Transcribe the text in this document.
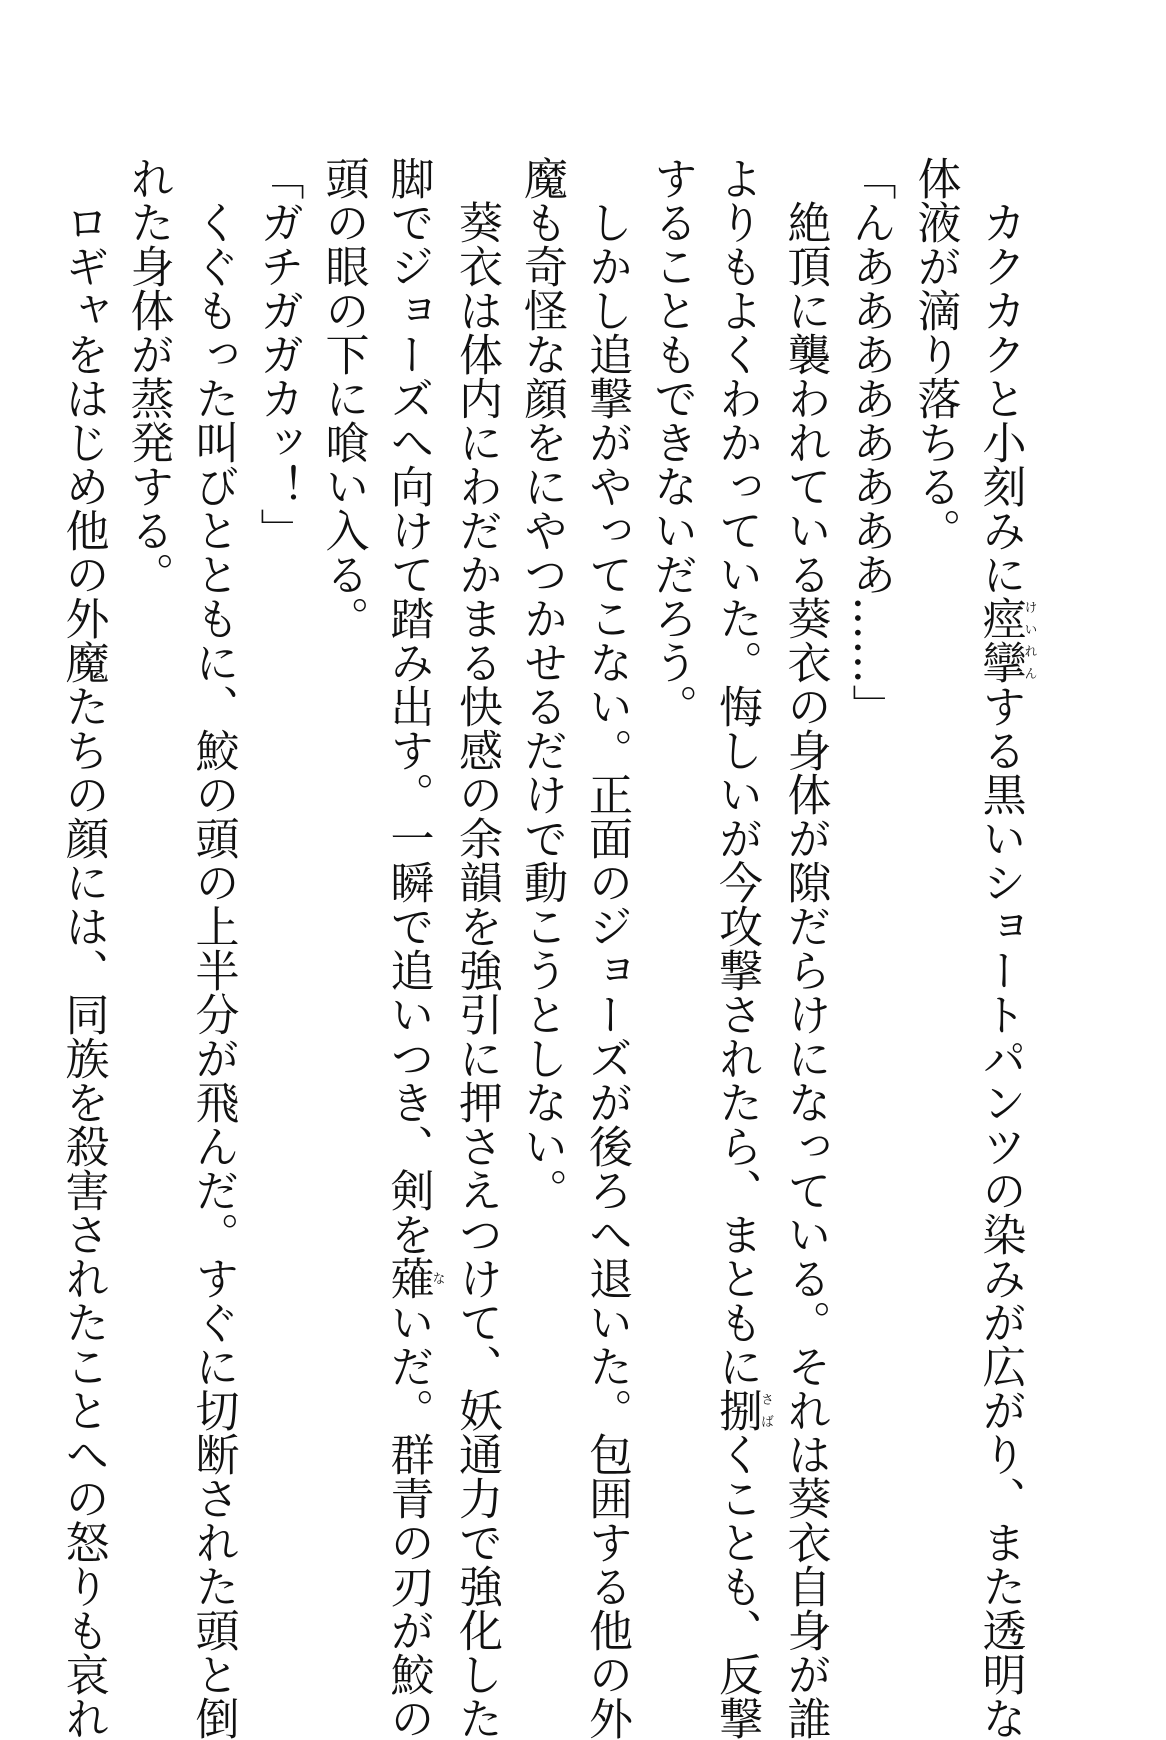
　カクカクと小刻みに痙攣けいれんする黒いショートパンツの染みが広がり、また透明な
体液が滴り落ちる。
「んああああああああ……」
　絶頂に襲われている葵衣の身体が隙だらけになっている。それは葵衣自身が誰
よりもよくわかっていた。悔しいが今攻撃されたら、まともに捌さばくことも、反撃
することもできないだろう。
　しかし追撃がやってこない。正面のジョーズが後ろへ退いた。包囲する他の外
魔も奇怪な顔をにやつかせるだけで動こうとしない。
　葵衣は体内にわだかまる快感の余韻を強引に押さえつけて、妖通力で強化した
脚でジョーズへ向けて踏み出す。一瞬で追いつき、剣を薙ないだ。群青の刃が鮫の
頭の眼の下に喰い入る。
「ガチガガカッ！」
　くぐもった叫びとともに、鮫の頭の上半分が飛んだ。すぐに切断された頭と倒
れた身体が蒸発する。
　ロギャをはじめ他の外魔たちの顔には、同族を殺害されたことへの怒りも哀れ
